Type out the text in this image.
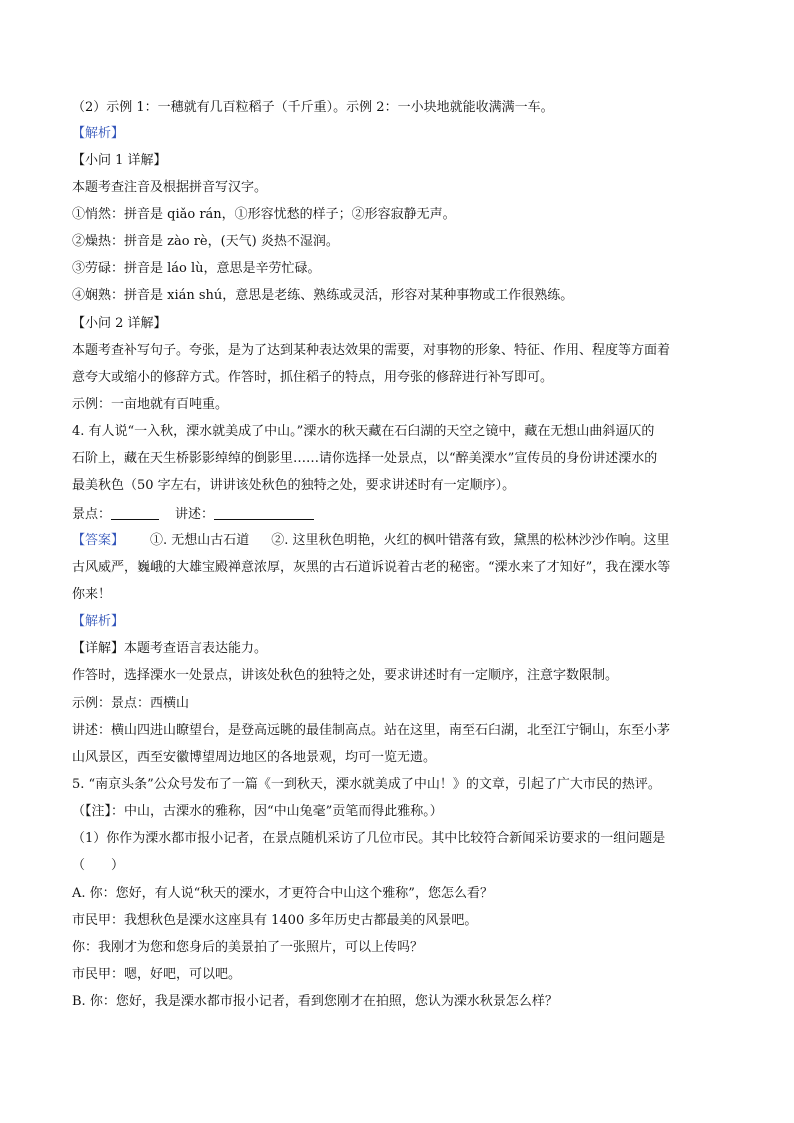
（2）示例 1：一穗就有几百粒稻子（千斤重）。示例 2：一小块地就能收满满一车。
【解析】
【小问 1 详解】
本题考查注音及根据拼音写汉字。
①悄然：拼音是 qiǎo rán，①形容忧愁的样子；②形容寂静无声。
②燥热：拼音是 zào rè，(天气) 炎热不湿润。
③劳碌：拼音是 láo lù，意思是辛劳忙碌。
④娴熟：拼音是 xián shú，意思是老练、熟练或灵活，形容对某种事物或工作很熟练。
【小问 2 详解】
本题考查补写句子。夸张，是为了达到某种表达效果的需要，对事物的形象、特征、作用、程度等方面着
意夸大或缩小的修辞方式。作答时，抓住稻子的特点，用夸张的修辞进行补写即可。
示例：一亩地就有百吨重。
4. 有人说“一入秋，溧水就美成了中山。”溧水的秋天藏在石臼湖的天空之镜中，藏在无想山曲斜逼仄的
石阶上，藏在天生桥影影绰绰的倒影里……请你选择一处景点，以“醉美溧水”宣传员的身份讲述溧水的
最美秋色（50 字左右，讲讲该处秋色的独特之处，要求讲述时有一定顺序）。
景点：	讲述：
【答案】 ①. 无想山古石道 ②. 这里秋色明艳，火红的枫叶错落有致，黛黑的松林沙沙作响。这里
古风威严，巍峨的大雄宝殿禅意浓厚，灰黑的古石道诉说着古老的秘密。“溧水来了才知好”，我在溧水等
你来！
【解析】
【详解】本题考查语言表达能力。
作答时，选择溧水一处景点，讲该处秋色的独特之处，要求讲述时有一定顺序，注意字数限制。
示例：景点：西横山
讲述：横山四进山瞭望台，是登高远眺的最佳制高点。站在这里，南至石臼湖，北至江宁铜山，东至小茅
山风景区，西至安徽博望周边地区的各地景观，均可一览无遗。
5. “南京头条”公众号发布了一篇《一到秋天，溧水就美成了中山！》的文章，引起了广大市民的热评。
（【注】：中山，古溧水的雅称，因“中山兔毫”贡笔而得此雅称。）
（1）你作为溧水都市报小记者，在景点随机采访了几位市民。其中比较符合新闻采访要求的一组问题是
（　　）
A. 你：您好，有人说“秋天的溧水，才更符合中山这个雅称”，您怎么看？
市民甲：我想秋色是溧水这座具有 1400 多年历史古都最美的风景吧。
你：我刚才为您和您身后的美景拍了一张照片，可以上传吗？
市民甲：嗯，好吧，可以吧。
B. 你：您好，我是溧水都市报小记者，看到您刚才在拍照，您认为溧水秋景怎么样？
